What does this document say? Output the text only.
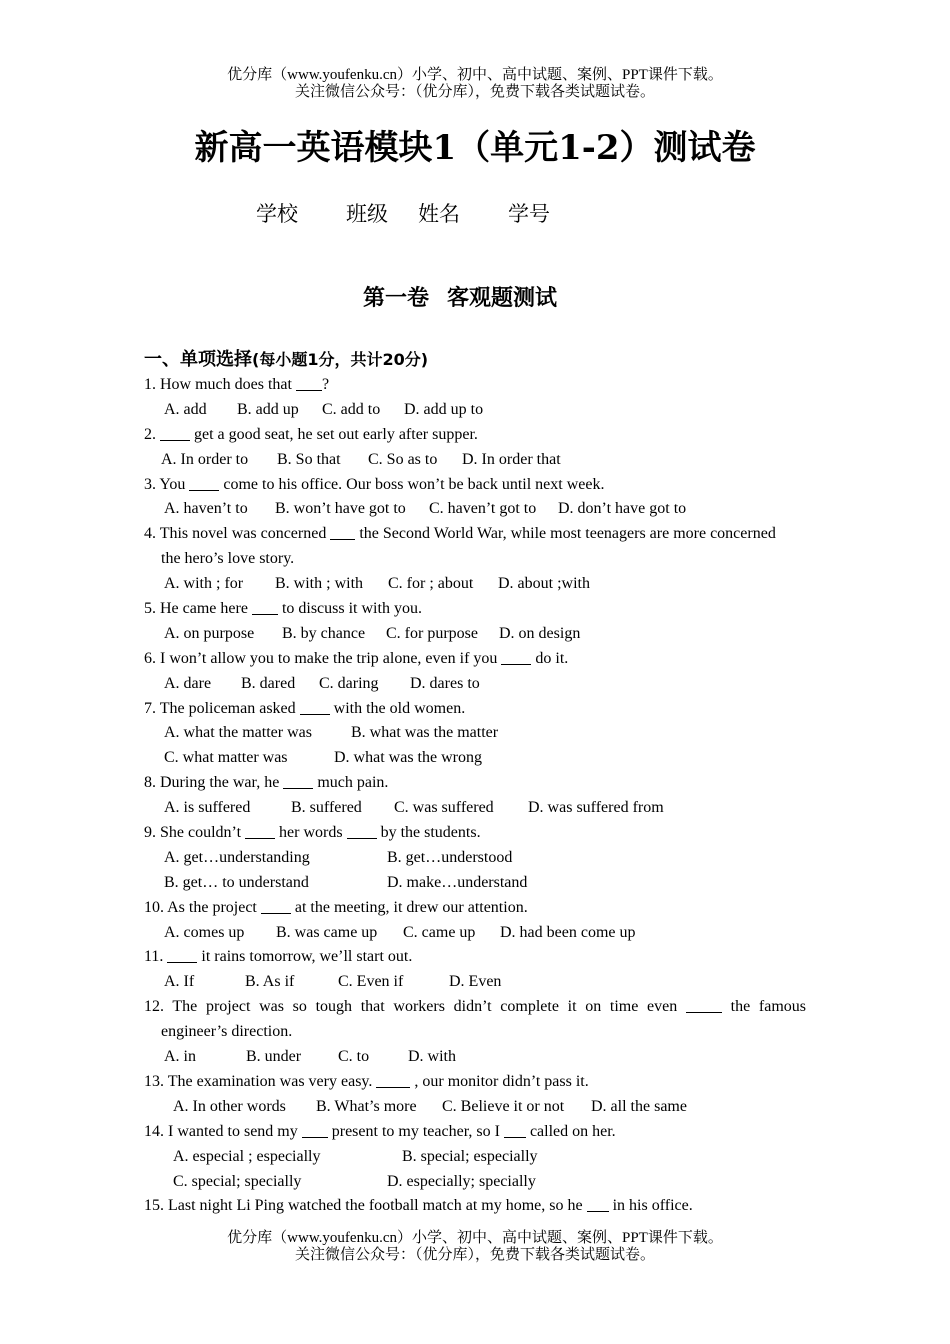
优分库（www.youfenku.cn）小学、初中、高中试题、案例、PPT课件下载。
关注微信公众号：（优分库），免费下载各类试题试卷。
新高一英语模块1（单元1-2）测试卷
学校 班级 姓名 学号
第一卷 客观题测试
一、单项选择(每小题1分，共计20分)
1. How much does that ?
A. add B. add up C. add to D. add up to
2.  get a good seat, he set out early after supper.
A. In order to B. So that C. So as to D. In order that
3. You  come to his office. Our boss won’t be back until next week.
A. haven’t to B. won’t have got to C. haven’t got to D. don’t have got to
4. This novel was concerned  the Second World War, while most teenagers are more concerned
the hero’s love story.
A. with ; for B. with ; with C. for ; about D. about ;with
5. He came here  to discuss it with you.
A. on purpose B. by chance C. for purpose D. on design
6. I won’t allow you to make the trip alone, even if you  do it.
A. dare B. dared C. daring D. dares to
7. The policeman asked  with the old women.
A. what the matter was B. what was the matter
C. what matter was	D. what was the wrong
8. During the war, he  much pain.
A. is suffered	B. suffered C. was suffered D. was suffered from
9. She couldn’t  her words  by the students.
A. get…understanding	B. get…understood
B. get… to understand	D. make…understand
10. As the project  at the meeting, it drew our attention.
A. comes up B. was came up C. came up D. had been come up
11.  it rains tomorrow, we’ll start out.
A. If	B. As if	C. Even if	D. Even
12. The project was so tough that workers didn’t complete it on time even	the famous
engineer’s direction.
A. in	B. under C. to D. with
13. The examination was very easy.  , our monitor didn’t pass it.
A. In other words B. What’s more C. Believe it or not D. all the same
14. I wanted to send my  present to my teacher, so I  called on her.
A. especial ; especially	B. special; especially
C. special; specially	D. especially; specially
15. Last night Li Ping watched the football match at my home, so he  in his office.
优分库（www.youfenku.cn）小学、初中、高中试题、案例、PPT课件下载。
关注微信公众号：（优分库），免费下载各类试题试卷。
